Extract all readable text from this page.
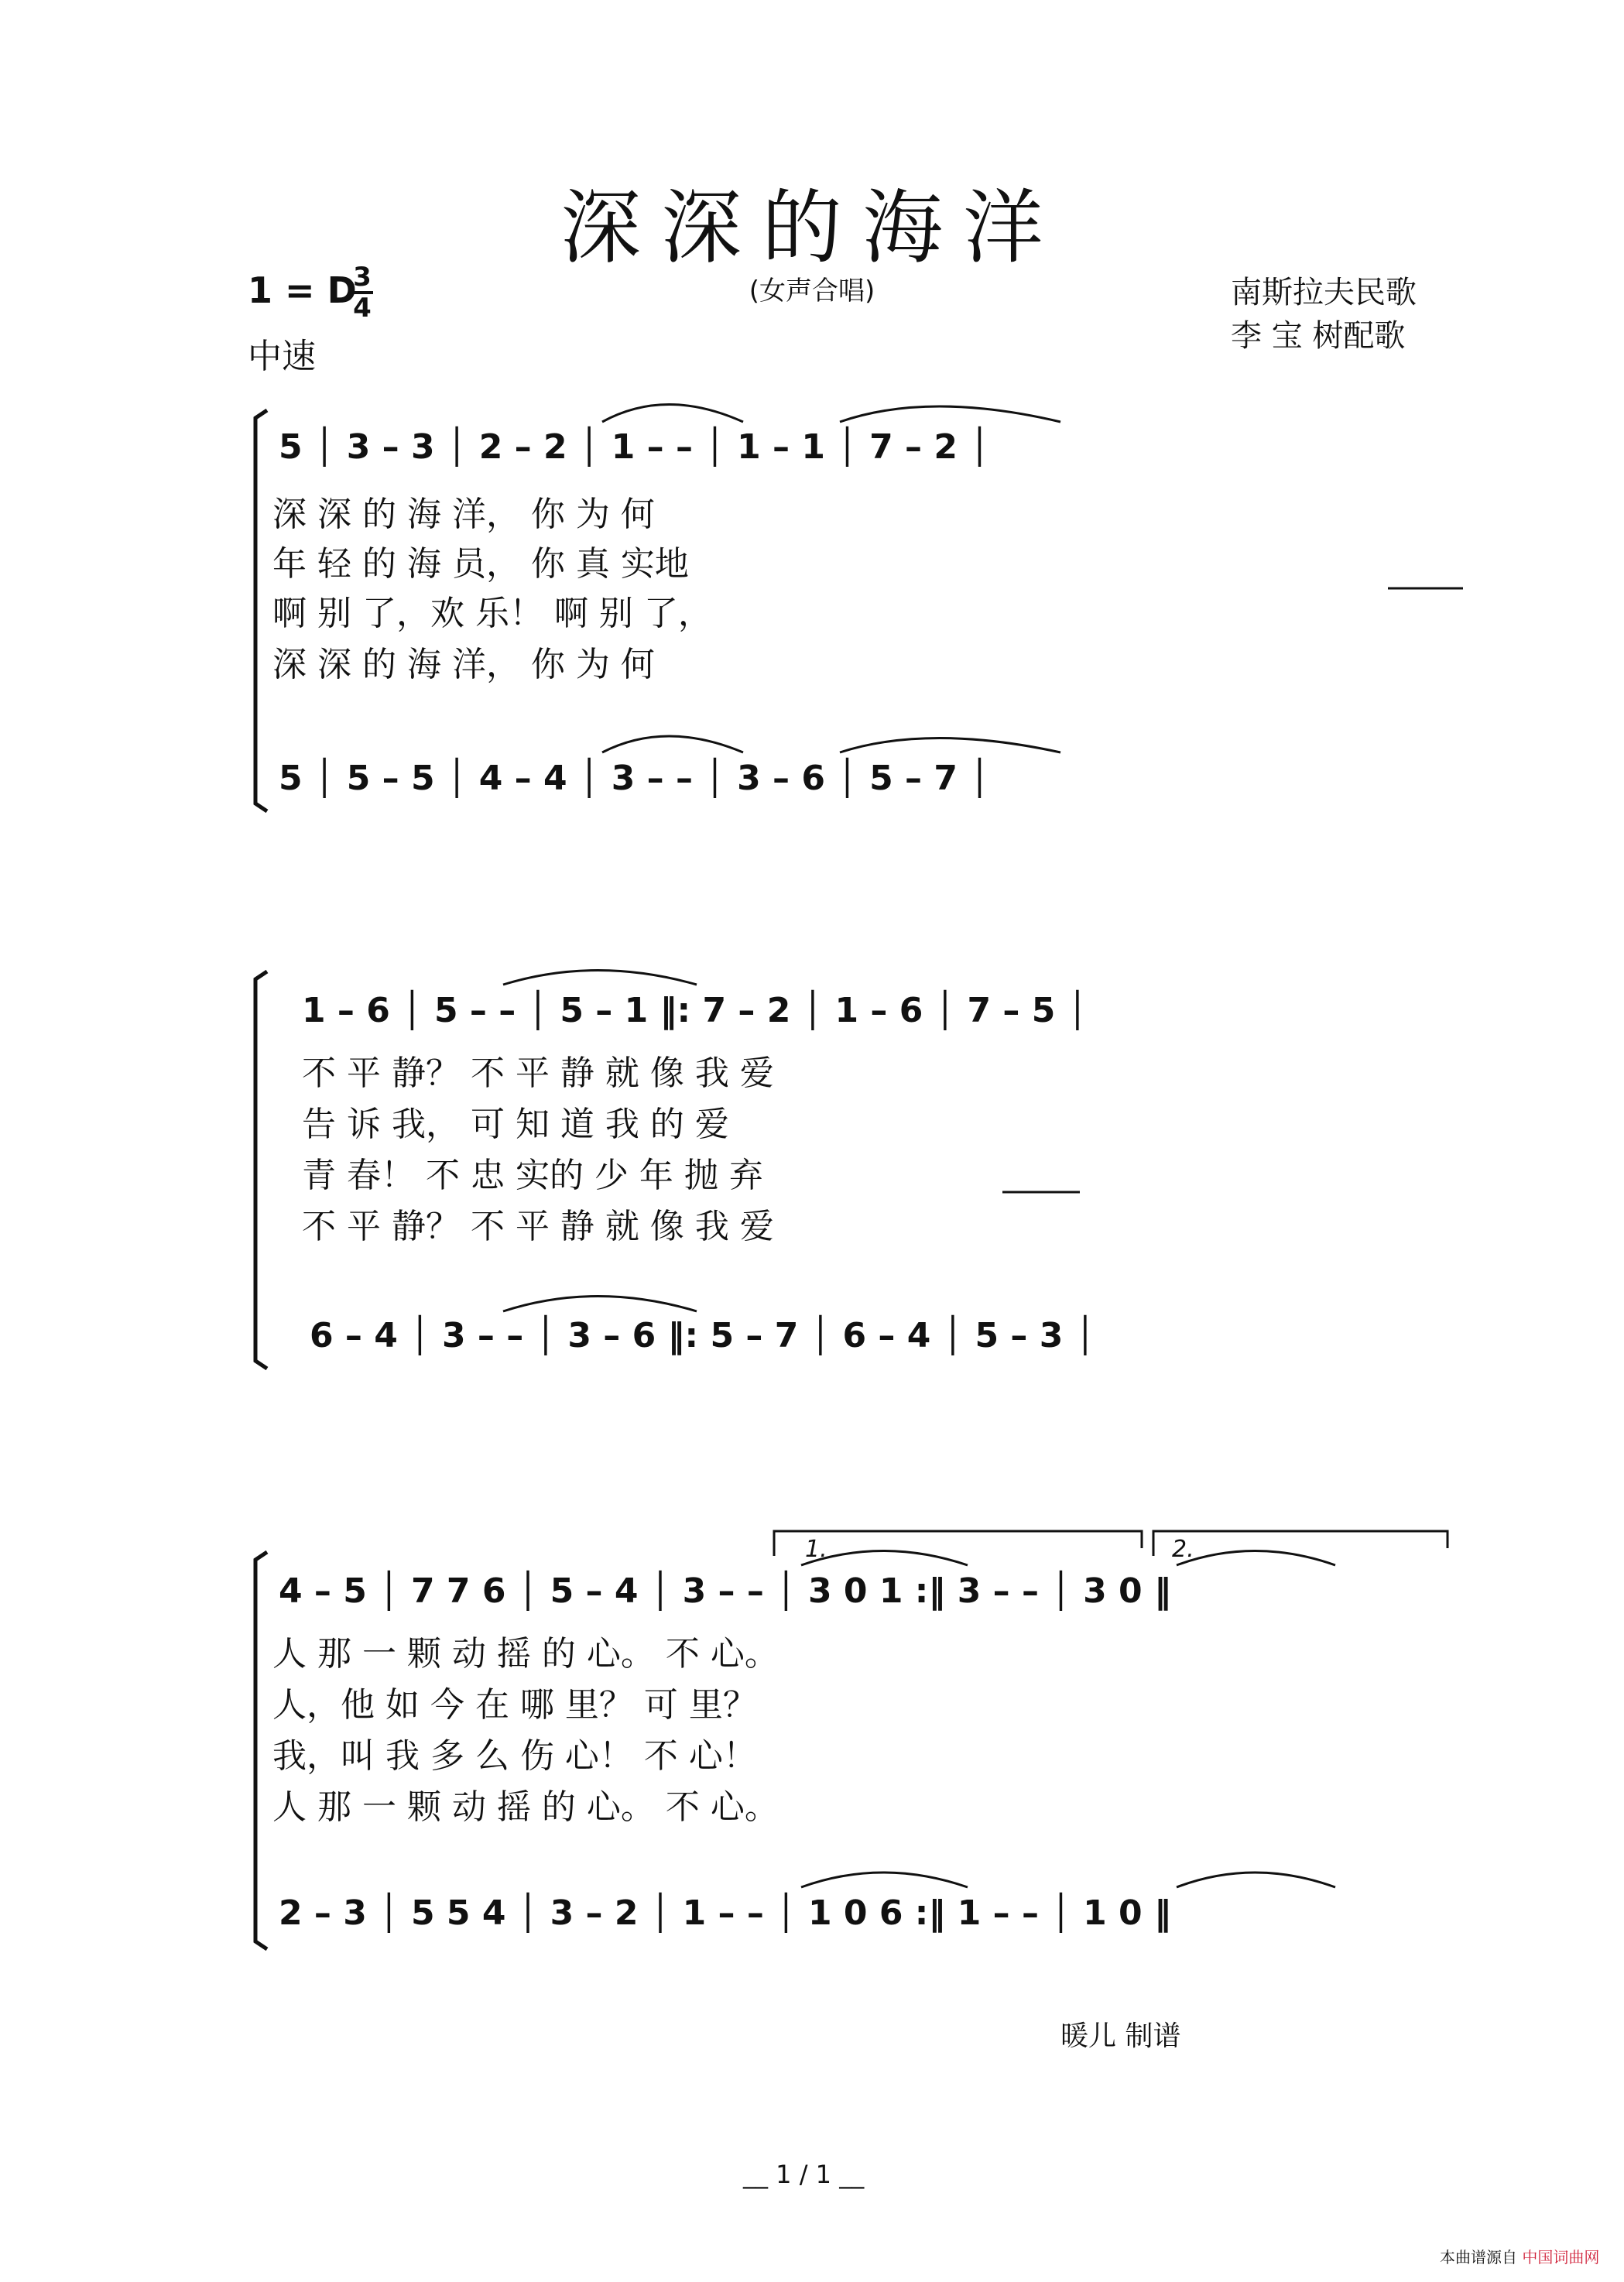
深深的海洋
(女声合唱)
1 = D
3
4
中速
南斯拉夫民歌
李 宝 树配歌
5 │ 3 – 3 │ 2 – 2 │ 1 – – │ 1 – 1 │ 7 – 2 │
深 深 的 海 洋， 你 为 何
年 轻 的 海 员， 你 真 实地
啊 别 了，欢 乐！ 啊 别 了，
深 深 的 海 洋， 你 为 何
5 │ 5 – 5 │ 4 – 4 │ 3 – – │ 3 – 6 │ 5 – 7 │
1 – 6 │ 5 – – │ 5 – 1 ‖: 7 – 2 │ 1 – 6 │ 7 – 5 │
不 平 静？ 不 平 静 就 像 我 爱
告 诉 我， 可 知 道 我 的 爱
青 春！ 不 忠 实的 少 年 抛 弃
不 平 静？ 不 平 静 就 像 我 爱
6 – 4 │ 3 – – │ 3 – 6 ‖: 5 – 7 │ 6 – 4 │ 5 – 3 │
1.	2.
4 – 5 │ 7 7 6 │ 5 – 4 │ 3 – – │ 3 0 1 :‖ 3 – – │ 3 0 ‖
人 那 一 颗 动 摇 的 心。 不 心。
人，他 如 今 在 哪 里？ 可 里？
我，叫 我 多 么 伤 心！ 不 心！
人 那 一 颗 动 摇 的 心。 不 心。
2 – 3 │ 5 5 4 │ 3 – 2 │ 1 – – │ 1 0 6 :‖ 1 – – │ 1 0 ‖
暖儿 制谱
__ 1 / 1 __
本曲谱源自 中国词曲网
